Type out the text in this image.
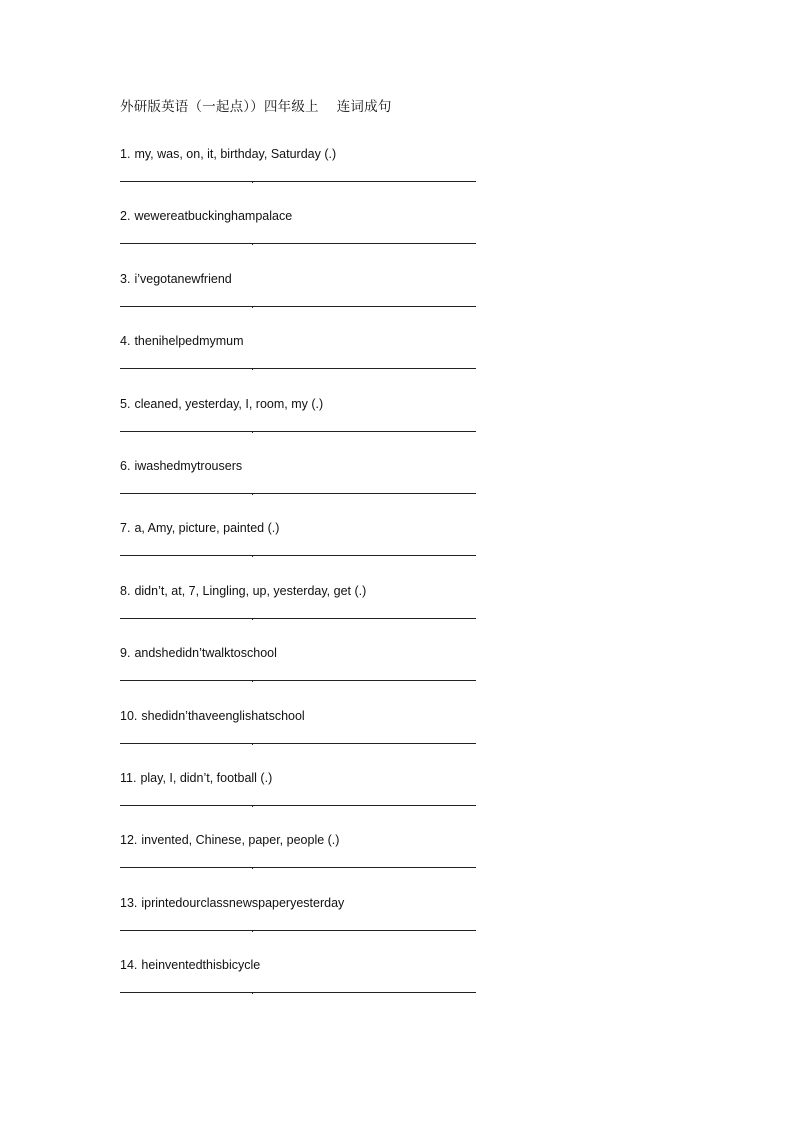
外研版英语（一起点））四年级上    连词成句
1. my, was, on, it, birthday, Saturday (.)
2. wewereatbuckinghampalace
3. i’vegotanewfriend
4. thenihelpedmymum
5. cleaned, yesterday, I, room, my (.)
6. iwashedmytrousers
7. a, Amy, picture, painted (.)
8. didn’t, at, 7, Lingling, up, yesterday, get (.)
9. andshedidn’twalktoschool
10. shedidn’thaveenglishatschool
11. play, I, didn’t, football (.)
12. invented, Chinese, paper, people (.)
13. iprintedourclassnewspaperyesterday
14. heinventedthisbicycle
